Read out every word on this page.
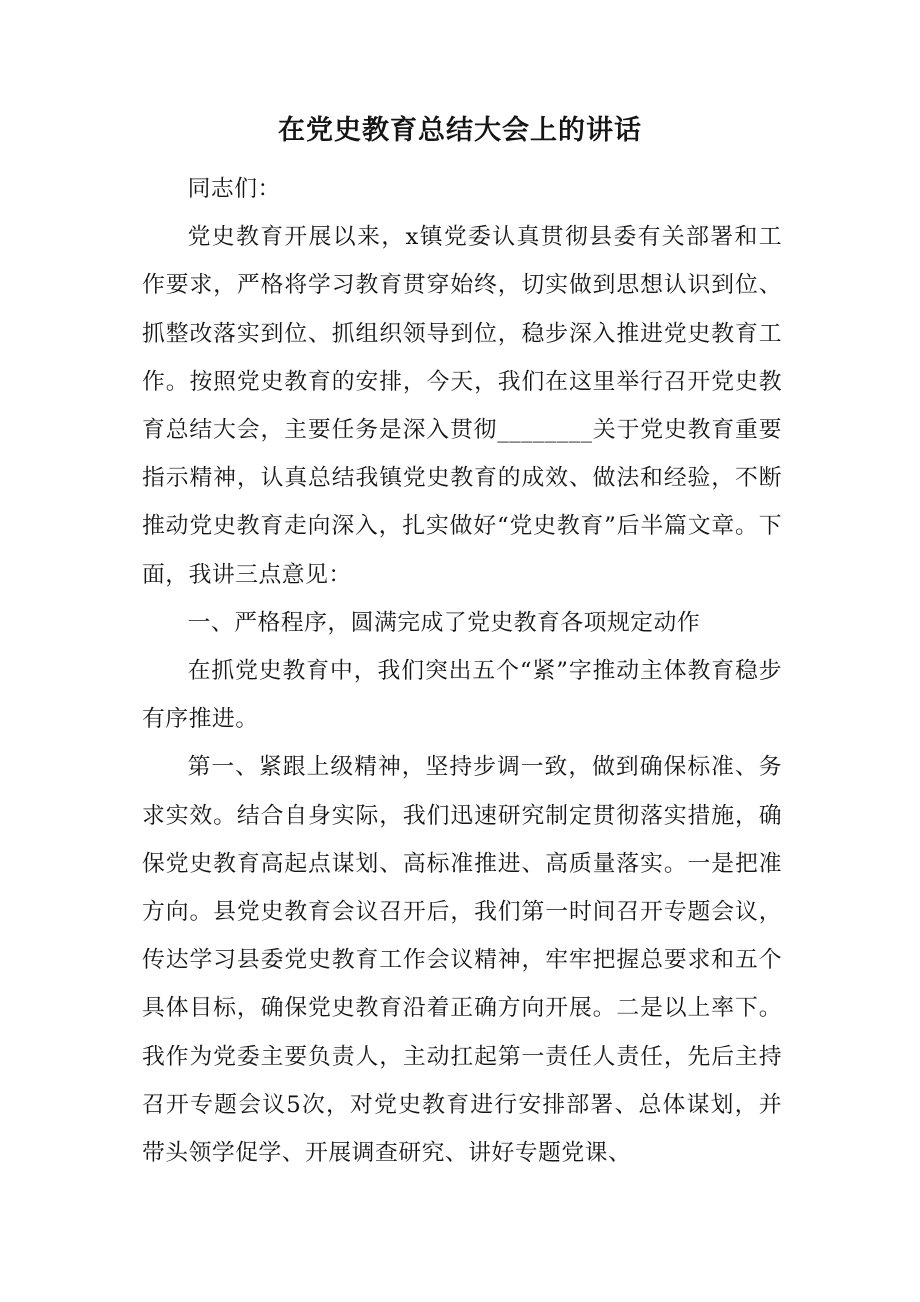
在党史教育总结大会上的讲话

同志们：

党史教育开展以来，x镇党委认真贯彻县委有关部署和工作要求，严格将学习教育贯穿始终，切实做到思想认识到位、抓整改落实到位、抓组织领导到位，稳步深入推进党史教育工作。按照党史教育的安排，今天，我们在这里举行召开党史教育总结大会，主要任务是深入贯彻________关于党史教育重要指示精神，认真总结我镇党史教育的成效、做法和经验，不断推动党史教育走向深入，扎实做好“党史教育”后半篇文章。下面，我讲三点意见：

一、严格程序，圆满完成了党史教育各项规定动作

在抓党史教育中，我们突出五个“紧”字推动主体教育稳步有序推进。

第一、紧跟上级精神，坚持步调一致，做到确保标准、务求实效。结合自身实际，我们迅速研究制定贯彻落实措施，确保党史教育高起点谋划、高标准推进、高质量落实。一是把准方向。县党史教育会议召开后，我们第一时间召开专题会议，传达学习县委党史教育工作会议精神，牢牢把握总要求和五个具体目标，确保党史教育沿着正确方向开展。二是以上率下。我作为党委主要负责人，主动扛起第一责任人责任，先后主持召开专题会议5次，对党史教育进行安排部署、总体谋划，并带头领学促学、开展调查研究、讲好专题党课、
